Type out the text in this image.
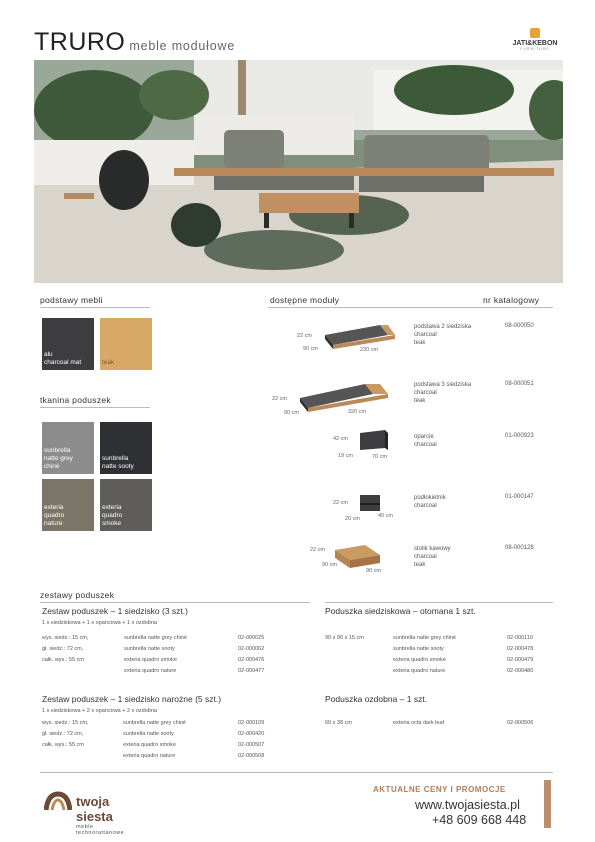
TRURO meble modułowe	JATI&KEBON
FURNITURE
podstawy mebli
alu
charcoal mat	teak
tkanina poduszek
sunbrella
natte grey
chiné
sunbrella
natte sooty
exteria
quadro
nature
exteria
quadro
smoke
dostępne moduły	nr katalogowy
22 cm
90 cm	230 cm
podstawa 2 siedziska
charcoal
teak
08-000050
22 cm
90 cm	320 cm
podstawa 3 siedziska
charcoal
teak
08-000051
42 cm
19 cm	70 cm
oparcie
charcoal
01-000923
22 cm
20 cm	40 cm
podłokietnik
charcoal
01-000147
22 cm
90 cm
90 cm
stolik kawowy
charcoal
teak
08-000128
zestawy poduszek
Zestaw poduszek – 1 siedzisko (3 szt.)
1 x siedziskowa + 1 x oparciowa + 1 x ozdobna
wys. siedz.: 15 cm,
gł. siedz.: 72 cm,
całk. wys.: 55 cm
sunbrella natte grey chiné	02-000025
sunbrella natte sooty	02-000062
exteria quadro smoke	02-000476
exteria quadro nature	02-000477
Zestaw poduszek – 1 siedzisko narożne (5 szt.)
1 x siedziskowa + 2 x oparciowa + 2 x ozdobna
wys. siedz.: 15 cm,
gł. siedz.: 72 cm,
całk. wys.: 55 cm
sunbrella natte grey chiné	02-000109
sunbrella natte sooty	02-000420
exteria quadro smoke	02-000507
exteria quadro nature	02-000508
Poduszka siedziskowa – otomana 1 szt.
90 x 90 x 15 cm	sunbrella natte grey chiné	02-000110
sunbrella natte sooty	02-000478
exteria quadro smoke	02-000479
exteria quadro nature	02-000480
Poduszka ozdobna – 1 szt.
60 x 38 cm	exteria octa dark leaf	02-000506
twoja siesta
meble technorattanowe
AKTUALNE CENY I PROMOCJE
www.twojasiesta.pl
+48 609 668 448
